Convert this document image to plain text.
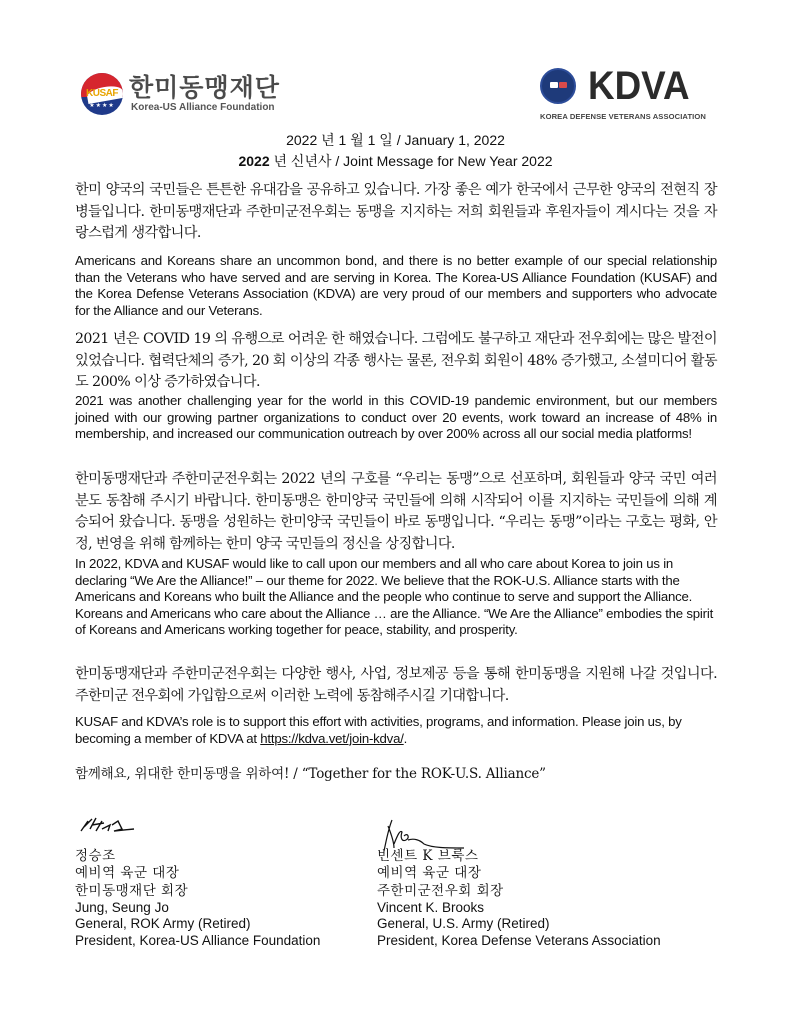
KUSAF
★★★★
한미동맹재단
Korea-US Alliance Foundation	KDVA
KOREA DEFENSE VETERANS ASSOCIATION
2022 년 1 월 1 일 / January 1, 2022
2022 년 신년사 / Joint Message for New Year 2022
한미 양국의 국민들은 튼튼한 유대감을 공유하고 있습니다. 가장 좋은 예가 한국에서 근무한 양국의 전현직 장병들입니다. 한미동맹재단과 주한미군전우회는 동맹을 지지하는 저희 회원들과 후원자들이 계시다는 것을 자랑스럽게 생각합니다.
Americans and Koreans share an uncommon bond, and there is no better example of our special relationship than the Veterans who have served and are serving in Korea. The Korea-US Alliance Foundation (KUSAF) and the Korea Defense Veterans Association (KDVA) are very proud of our members and supporters who advocate for the Alliance and our Veterans.
2021 년은 COVID 19 의 유행으로 어려운 한 해였습니다. 그럼에도 불구하고 재단과 전우회에는 많은 발전이 있었습니다. 협력단체의 증가, 20 회 이상의 각종 행사는 물론, 전우회 회원이 48% 증가했고, 소셜미디어 활동도 200% 이상 증가하였습니다.
2021 was another challenging year for the world in this COVID-19 pandemic environment, but our members joined with our growing partner organizations to conduct over 20 events, work toward an increase of 48% in membership, and increased our communication outreach by over 200% across all our social media platforms!
한미동맹재단과 주한미군전우회는 2022 년의 구호를 “우리는 동맹”으로 선포하며, 회원들과 양국 국민 여러분도 동참해 주시기 바랍니다. 한미동맹은 한미양국 국민들에 의해 시작되어 이를 지지하는 국민들에 의해 계승되어 왔습니다. 동맹을 성원하는 한미양국 국민들이 바로 동맹입니다. “우리는 동맹”이라는 구호는 평화, 안정, 번영을 위해 함께하는 한미 양국 국민들의 정신을 상징합니다.
In 2022, KDVA and KUSAF would like to call upon our members and all who care about Korea to join us in declaring “We Are the Alliance!” – our theme for 2022. We believe that the ROK-U.S. Alliance starts with the Americans and Koreans who built the Alliance and the people who continue to serve and support the Alliance. Koreans and Americans who care about the Alliance … are the Alliance. “We Are the Alliance” embodies the spirit of Koreans and Americans working together for peace, stability, and prosperity.
한미동맹재단과 주한미군전우회는 다양한 행사, 사업, 정보제공 등을 통해 한미동맹을 지원해 나갈 것입니다. 주한미군 전우회에 가입함으로써 이러한 노력에 동참해주시길 기대합니다.
KUSAF and KDVA’s role is to support this effort with activities, programs, and information. Please join us, by becoming a member of KDVA at https://kdva.vet/join-kdva/.
함께해요, 위대한 한미동맹을 위하여! / “Together for the ROK-U.S. Alliance”
정승조
예비역 육군 대장
한미동맹재단 회장
Jung, Seung Jo
General, ROK Army (Retired)
President, Korea-US Alliance Foundation
빈센트 K 브룩스
예비역 육군 대장
주한미군전우회 회장
Vincent K. Brooks
General, U.S. Army (Retired)
President, Korea Defense Veterans Association
